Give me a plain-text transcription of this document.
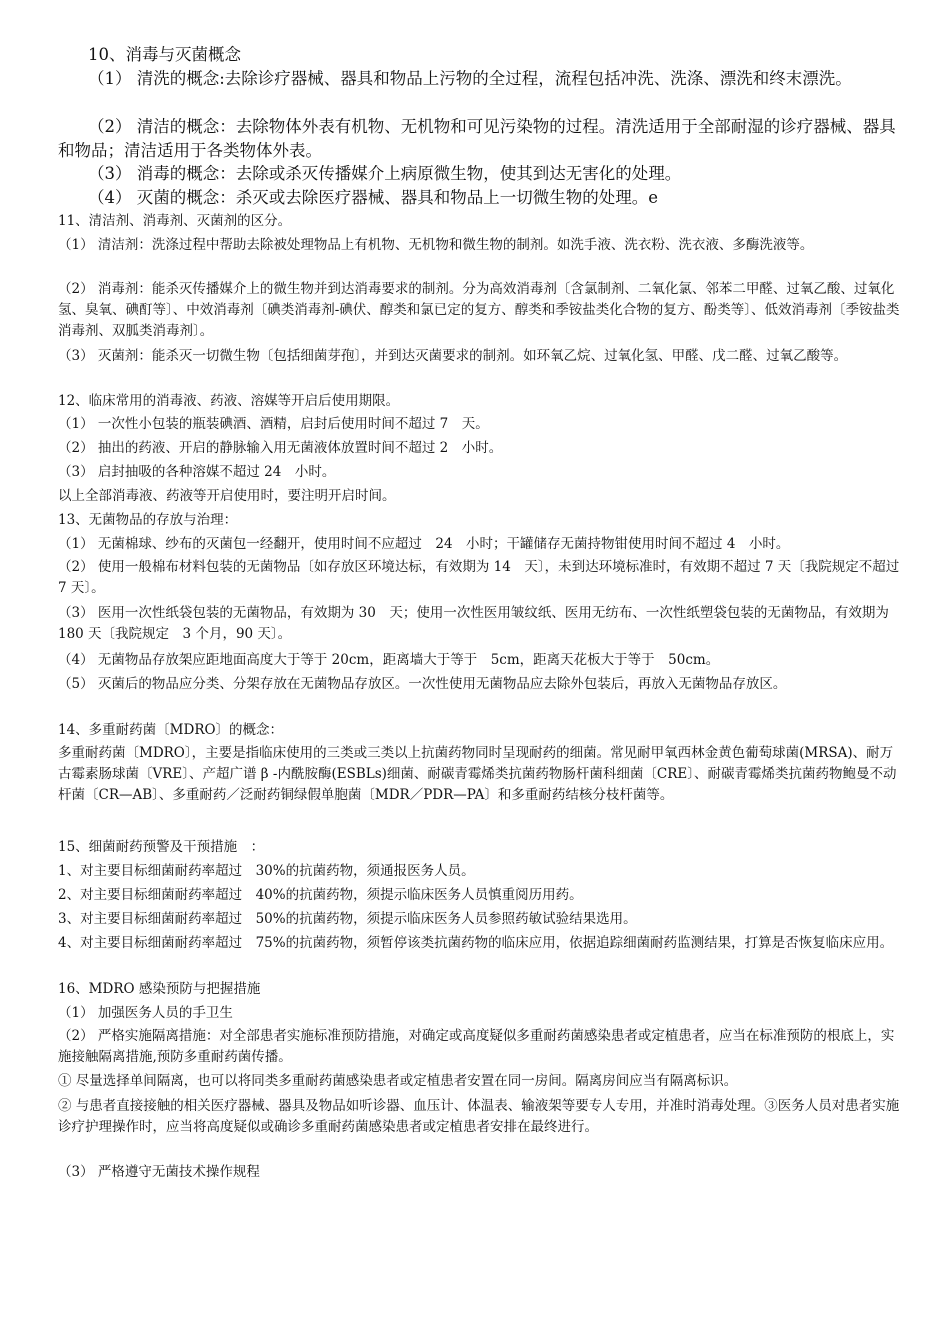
10、消毒与灭菌概念

（1） 清洗的概念:去除诊疗器械、器具和物品上污物的全过程，流程包括冲洗、洗涤、漂洗和终末漂洗。

（2） 清洁的概念：去除物体外表有机物、无机物和可见污染物的过程。清洗适用于全部耐湿的诊疗器械、器具和物品；清洁适用于各类物体外表。

（3） 消毒的概念：去除或杀灭传播媒介上病原微生物，使其到达无害化的处理。

（4） 灭菌的概念：杀灭或去除医疗器械、器具和物品上一切微生物的处理。e

11、清洁剂、消毒剂、灭菌剂的区分。

（1） 清洁剂：洗涤过程中帮助去除被处理物品上有机物、无机物和微生物的制剂。如洗手液、洗衣粉、洗衣液、多酶洗液等。

（2） 消毒剂：能杀灭传播媒介上的微生物并到达消毒要求的制剂。分为高效消毒剂〔含氯制剂、二氧化氯、邻苯二甲醛、过氧乙酸、过氧化氢、臭氧、碘酊等〕、中效消毒剂〔碘类消毒剂-碘伏、醇类和氯已定的复方、醇类和季铵盐类化合物的复方、酚类等〕、低效消毒剂〔季铵盐类消毒剂、双胍类消毒剂〕。

（3） 灭菌剂：能杀灭一切微生物〔包括细菌芽孢〕，并到达灭菌要求的制剂。如环氧乙烷、过氧化氢、甲醛、戊二醛、过氧乙酸等。

12、临床常用的消毒液、药液、溶媒等开启后使用期限。

（1） 一次性小包装的瓶装碘酒、酒精，启封后使用时间不超过 7　天。

（2） 抽出的药液、开启的静脉输入用无菌液体放置时间不超过 2　小时。

（3） 启封抽吸的各种溶媒不超过 24　小时。

以上全部消毒液、药液等开启使用时，要注明开启时间。

13、无菌物品的存放与治理：

（1） 无菌棉球、纱布的灭菌包一经翻开，使用时间不应超过　24　小时；干罐储存无菌持物钳使用时间不超过 4　小时。

（2） 使用一般棉布材料包装的无菌物品〔如存放区环境达标，有效期为 14　天〕，未到达环境标准时，有效期不超过 7 天〔我院规定不超过　7 天〕。

（3） 医用一次性纸袋包装的无菌物品，有效期为 30　天；使用一次性医用皱纹纸、医用无纺布、一次性纸塑袋包装的无菌物品，有效期为　180 天〔我院规定　3 个月，90 天〕。

（4） 无菌物品存放架应距地面高度大于等于 20cm，距离墙大于等于　5cm，距离天花板大于等于　50cm。

（5） 灭菌后的物品应分类、分架存放在无菌物品存放区。一次性使用无菌物品应去除外包装后，再放入无菌物品存放区。

14、多重耐药菌〔MDRO〕的概念：

多重耐药菌〔MDRO〕，主要是指临床使用的三类或三类以上抗菌药物同时呈现耐药的细菌。常见耐甲氧西林金黄色葡萄球菌(MRSA)、耐万古霉素肠球菌〔VRE〕、产超广谱 β -内酰胺酶(ESBLs)细菌、耐碳青霉烯类抗菌药物肠杆菌科细菌〔CRE〕、耐碳青霉烯类抗菌药物鲍曼不动杆菌〔CR—AB〕、多重耐药／泛耐药铜绿假单胞菌〔MDR／PDR—PA〕和多重耐药结核分枝杆菌等。

15、细菌耐药预警及干预措施　：

1、对主要目标细菌耐药率超过　30%的抗菌药物，须通报医务人员。

2、对主要目标细菌耐药率超过　40%的抗菌药物，须提示临床医务人员慎重阅历用药。

3、对主要目标细菌耐药率超过　50%的抗菌药物，须提示临床医务人员参照药敏试验结果选用。

4、对主要目标细菌耐药率超过　75%的抗菌药物，须暂停该类抗菌药物的临床应用，依据追踪细菌耐药监测结果，打算是否恢复临床应用。

16、MDRO 感染预防与把握措施

（1） 加强医务人员的手卫生

（2） 严格实施隔离措施：对全部患者实施标准预防措施，对确定或高度疑似多重耐药菌感染患者或定植患者，应当在标准预防的根底上，实施接触隔离措施,预防多重耐药菌传播。

① 尽量选择单间隔离，也可以将同类多重耐药菌感染患者或定植患者安置在同一房间。隔离房间应当有隔离标识。

② 与患者直接接触的相关医疗器械、器具及物品如听诊器、血压计、体温表、输液架等要专人专用，并准时消毒处理。③医务人员对患者实施诊疗护理操作时，应当将高度疑似或确诊多重耐药菌感染患者或定植患者安排在最终进行。

（3） 严格遵守无菌技术操作规程
